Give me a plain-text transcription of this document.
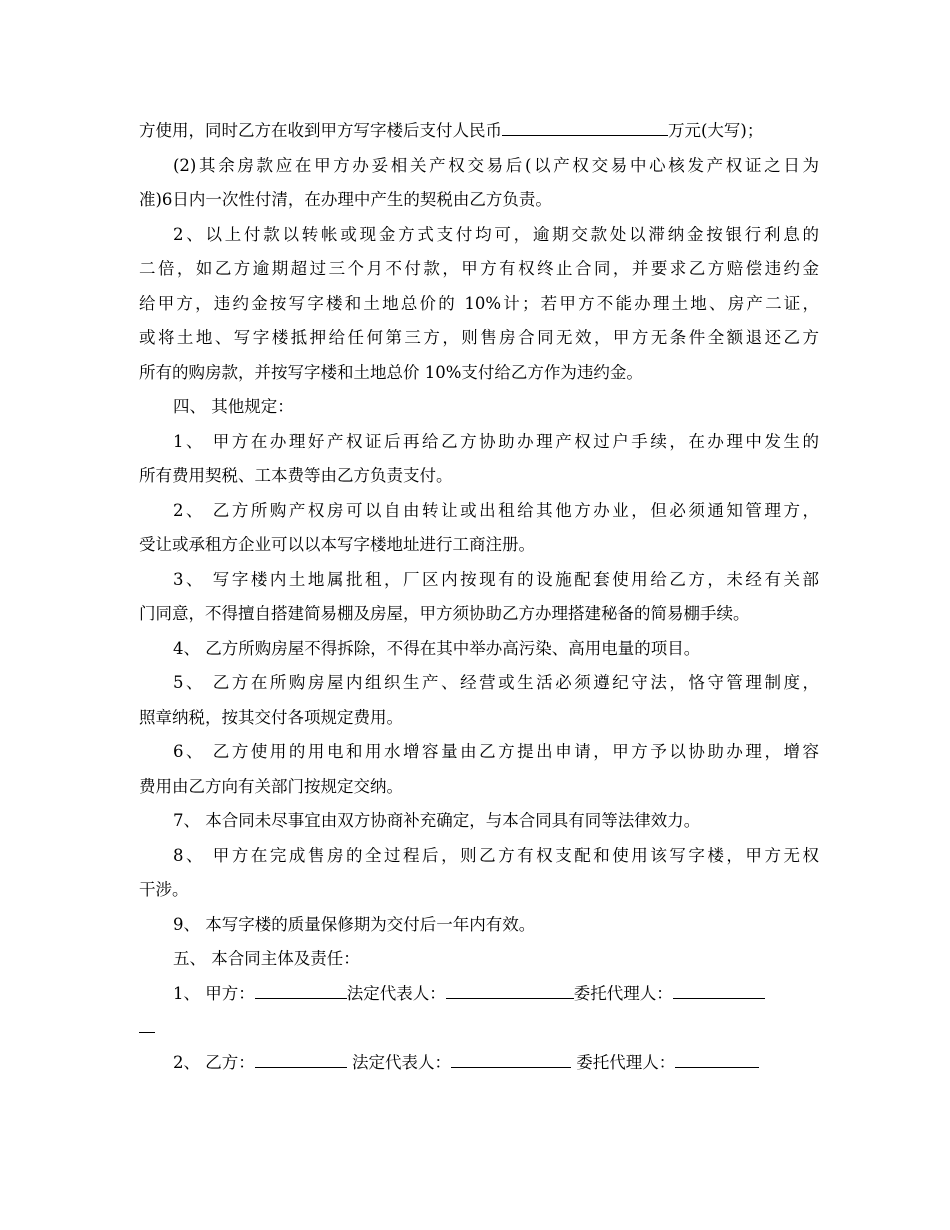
方使用，同时乙方在收到甲方写字楼后支付人民币	万元(大写)；
(2)其余房款应在甲方办妥相关产权交易后(以产权交易中心核发产权证之日为
准)6日内一次性付清，在办理中产生的契税由乙方负责。
2、以上付款以转帐或现金方式支付均可，逾期交款处以滞纳金按银行利息的
二倍，如乙方逾期超过三个月不付款，甲方有权终止合同，并要求乙方赔偿违约金
给甲方，违约金按写字楼和土地总价的 10%计；若甲方不能办理土地、房产二证，
或将土地、写字楼抵押给任何第三方，则售房合同无效，甲方无条件全额退还乙方
所有的购房款，并按写字楼和土地总价 10%支付给乙方作为违约金。
四、 其他规定：
1、 甲方在办理好产权证后再给乙方协助办理产权过户手续，在办理中发生的
所有费用契税、工本费等由乙方负责支付。
2、 乙方所购产权房可以自由转让或出租给其他方办业，但必须通知管理方，
受让或承租方企业可以以本写字楼地址进行工商注册。
3、 写字楼内土地属批租，厂区内按现有的设施配套使用给乙方，未经有关部
门同意，不得擅自搭建简易棚及房屋，甲方须协助乙方办理搭建秘备的简易棚手续。
4、 乙方所购房屋不得拆除，不得在其中举办高污染、高用电量的项目。
5、 乙方在所购房屋内组织生产、经营或生活必须遵纪守法，恪守管理制度，
照章纳税，按其交付各项规定费用。
6、 乙方使用的用电和用水增容量由乙方提出申请，甲方予以协助办理，增容
费用由乙方向有关部门按规定交纳。
7、 本合同未尽事宜由双方协商补充确定，与本合同具有同等法律效力。
8、 甲方在完成售房的全过程后，则乙方有权支配和使用该写字楼，甲方无权
干涉。
9、 本写字楼的质量保修期为交付后一年内有效。
五、 本合同主体及责任：
1、 甲方：	法定代表人：	委托代理人：
2、 乙方：	法定代表人：	委托代理人：
